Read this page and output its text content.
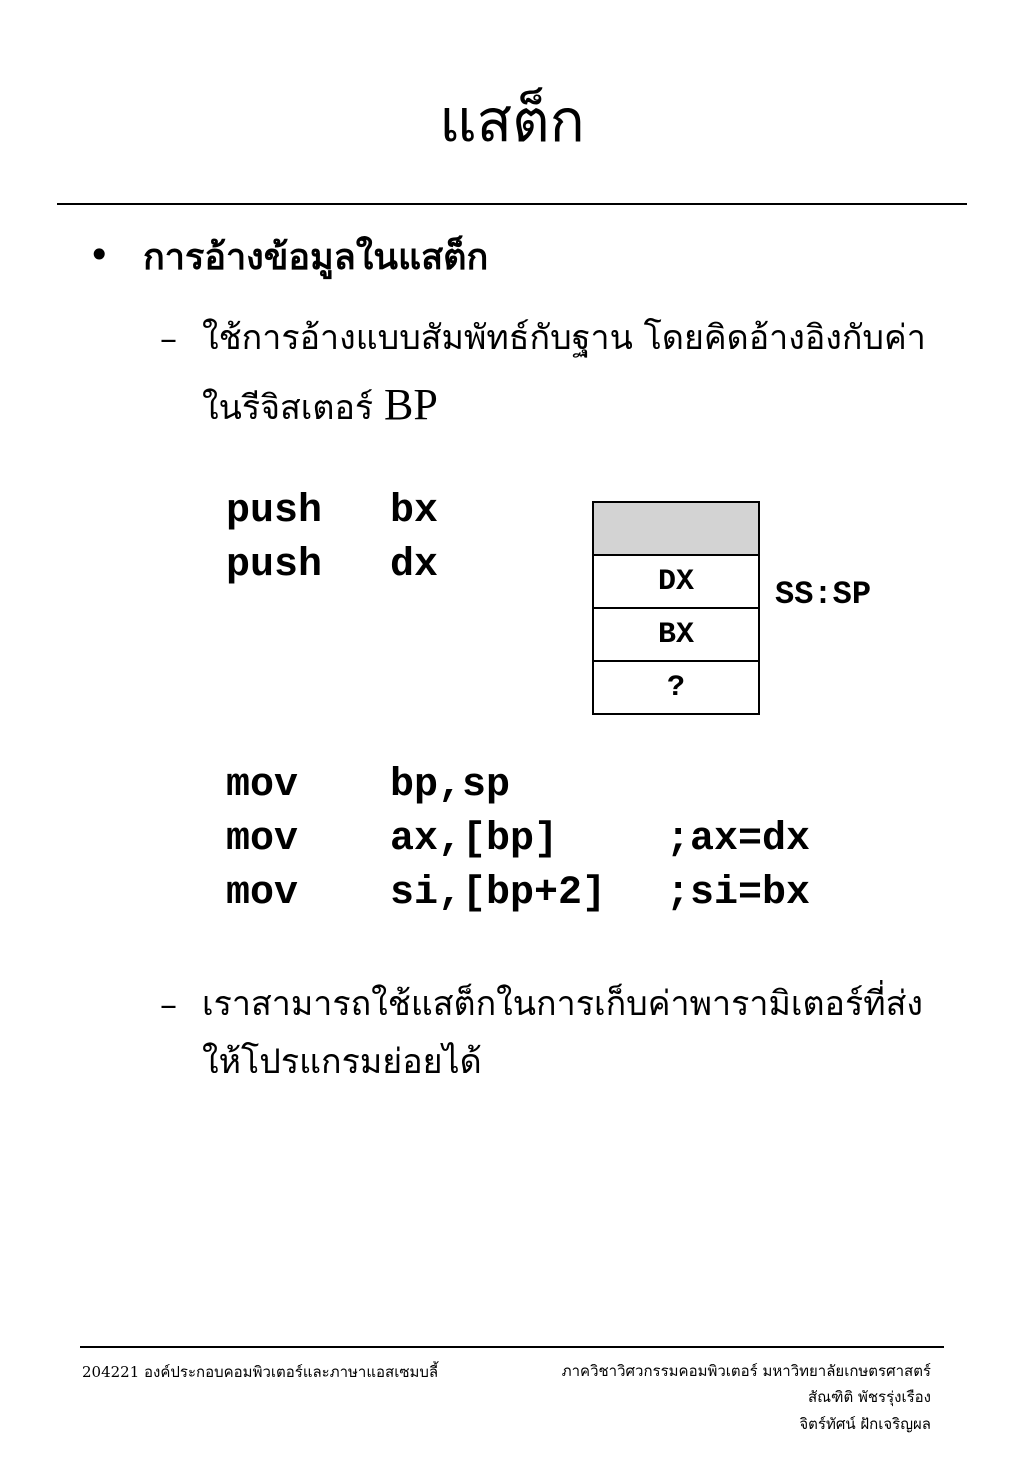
แสต็ก
• การอ้างข้อมูลในแสต็ก
– ใช้การอ้างแบบสัมพัทธ์กับฐาน โดยคิดอ้างอิงกับค่า
ในรีจิสเตอร์ BP
push bx
push dx	DX
BX
?
SS:SP
mov bp,sp
mov ax,[bp]	;ax=dx
mov si,[bp+2] ;si=bx
– เราสามารถใช้แสต็กในการเก็บค่าพารามิเตอร์ที่ส่ง
ให้โปรแกรมย่อยได้
204221 องค์ประกอบคอมพิวเตอร์และภาษาแอสเซมบลี้	ภาควิชาวิศวกรรมคอมพิวเตอร์ มหาวิทยาลัยเกษตรศาสตร์
สัณฑิติ พัชรรุ่งเรือง
จิตร์ทัศน์ ฝักเจริญผล
